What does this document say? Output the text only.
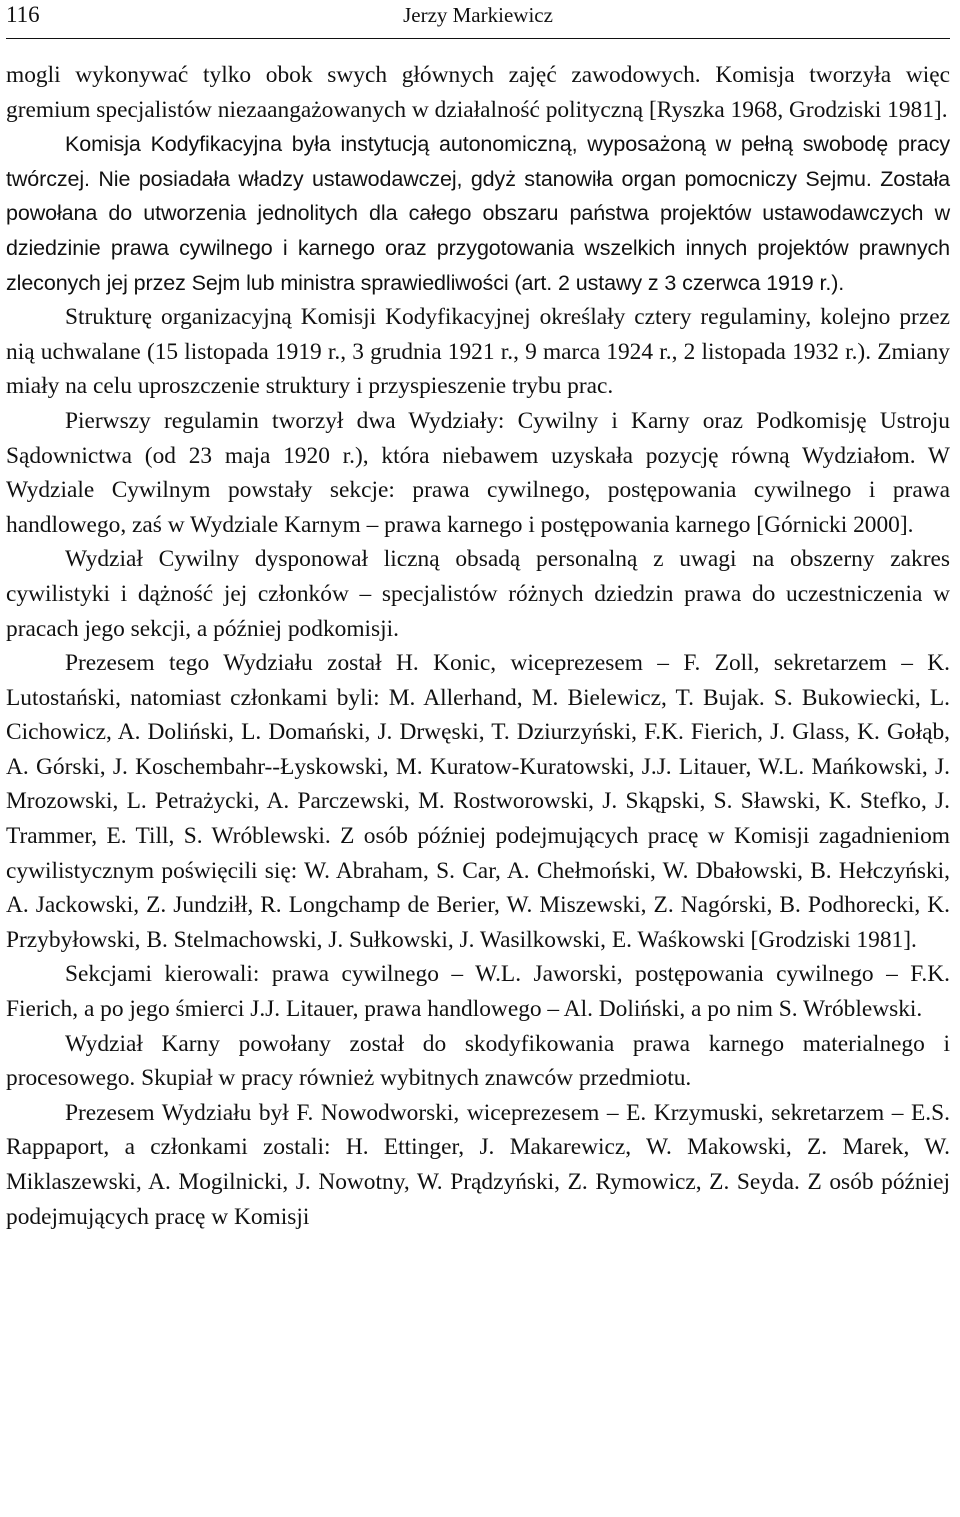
116	Jerzy Markiewicz

mogli wykonywać tylko obok swych głównych zajęć zawodowych. Komisja tworzyła więc gremium specjalistów niezaangażowanych w działalność polityczną [Ryszka 1968, Grodziski 1981].

Komisja Kodyfikacyjna była instytucją autonomiczną, wyposażoną w pełną swobodę pracy twórczej. Nie posiadała władzy ustawodawczej, gdyż stanowiła organ pomocniczy Sejmu. Została powołana do utworzenia jednolitych dla całego obszaru państwa projektów ustawodawczych w dziedzinie prawa cywilnego i karnego oraz przygotowania wszelkich innych projektów prawnych zleconych jej przez Sejm lub ministra sprawiedliwości (art. 2 ustawy z 3 czerwca 1919 r.).

Strukturę organizacyjną Komisji Kodyfikacyjnej określały cztery regulaminy, kolejno przez nią uchwalane (15 listopada 1919 r., 3 grudnia 1921 r., 9 marca 1924 r., 2 listopada 1932 r.). Zmiany miały na celu uproszczenie struktury i przyspieszenie trybu prac.

Pierwszy regulamin tworzył dwa Wydziały: Cywilny i Karny oraz Podkomisję Ustroju Sądownictwa (od 23 maja 1920 r.), która niebawem uzyskała pozycję równą Wydziałom. W Wydziale Cywilnym powstały sekcje: prawa cywilnego, postępowania cywilnego i prawa handlowego, zaś w Wydziale Karnym – prawa karnego i postępowania karnego [Górnicki 2000].

Wydział Cywilny dysponował liczną obsadą personalną z uwagi na obszerny zakres cywilistyki i dążność jej członków – specjalistów różnych dziedzin prawa do uczestniczenia w pracach jego sekcji, a później podkomisji.

Prezesem tego Wydziału został H. Konic, wiceprezesem – F. Zoll, sekretarzem – K. Lutostański, natomiast członkami byli: M. Allerhand, M. Bielewicz, T. Bujak. S. Bukowiecki, L. Cichowicz, A. Doliński, L. Domański, J. Drwęski, T. Dziurzyński, F.K. Fierich, J. Glass, K. Gołąb, A. Górski, J. Koschembahr-‑Łyskowski, M. Kuratow-Kuratowski, J.J. Litauer, W.L. Mańkowski, J. Mrozowski, L. Petrażycki, A. Parczewski, M. Rostworowski, J. Skąpski, S. Sławski, K. Stefko, J. Trammer, E. Till, S. Wróblewski. Z osób później podejmujących pracę w Komisji zagadnieniom cywilistycznym poświęcili się: W. Abraham, S. Car, A. Chełmoński, W. Dbałowski, B. Hełczyński, A. Jackowski, Z. Jundziłł, R. Longchamp de Berier, W. Miszewski, Z. Nagórski, B. Podhorecki, K. Przybyłowski, B. Stelmachowski, J. Sułkowski, J. Wasilkowski, E. Waśkowski [Grodziski 1981].

Sekcjami kierowali: prawa cywilnego – W.L. Jaworski, postępowania cywilnego – F.K. Fierich, a po jego śmierci J.J. Litauer, prawa handlowego – Al. Doliński, a po nim S. Wróblewski.

Wydział Karny powołany został do skodyfikowania prawa karnego materialnego i procesowego. Skupiał w pracy również wybitnych znawców przedmiotu.

Prezesem Wydziału był F. Nowodworski, wiceprezesem – E. Krzymuski, sekretarzem – E.S. Rappaport, a członkami zostali: H. Ettinger, J. Makarewicz, W. Makowski, Z. Marek, W. Miklaszewski, A. Mogilnicki, J. Nowotny, W. Prądzyński, Z. Rymowicz, Z. Seyda. Z osób później podejmujących pracę w Komisji
